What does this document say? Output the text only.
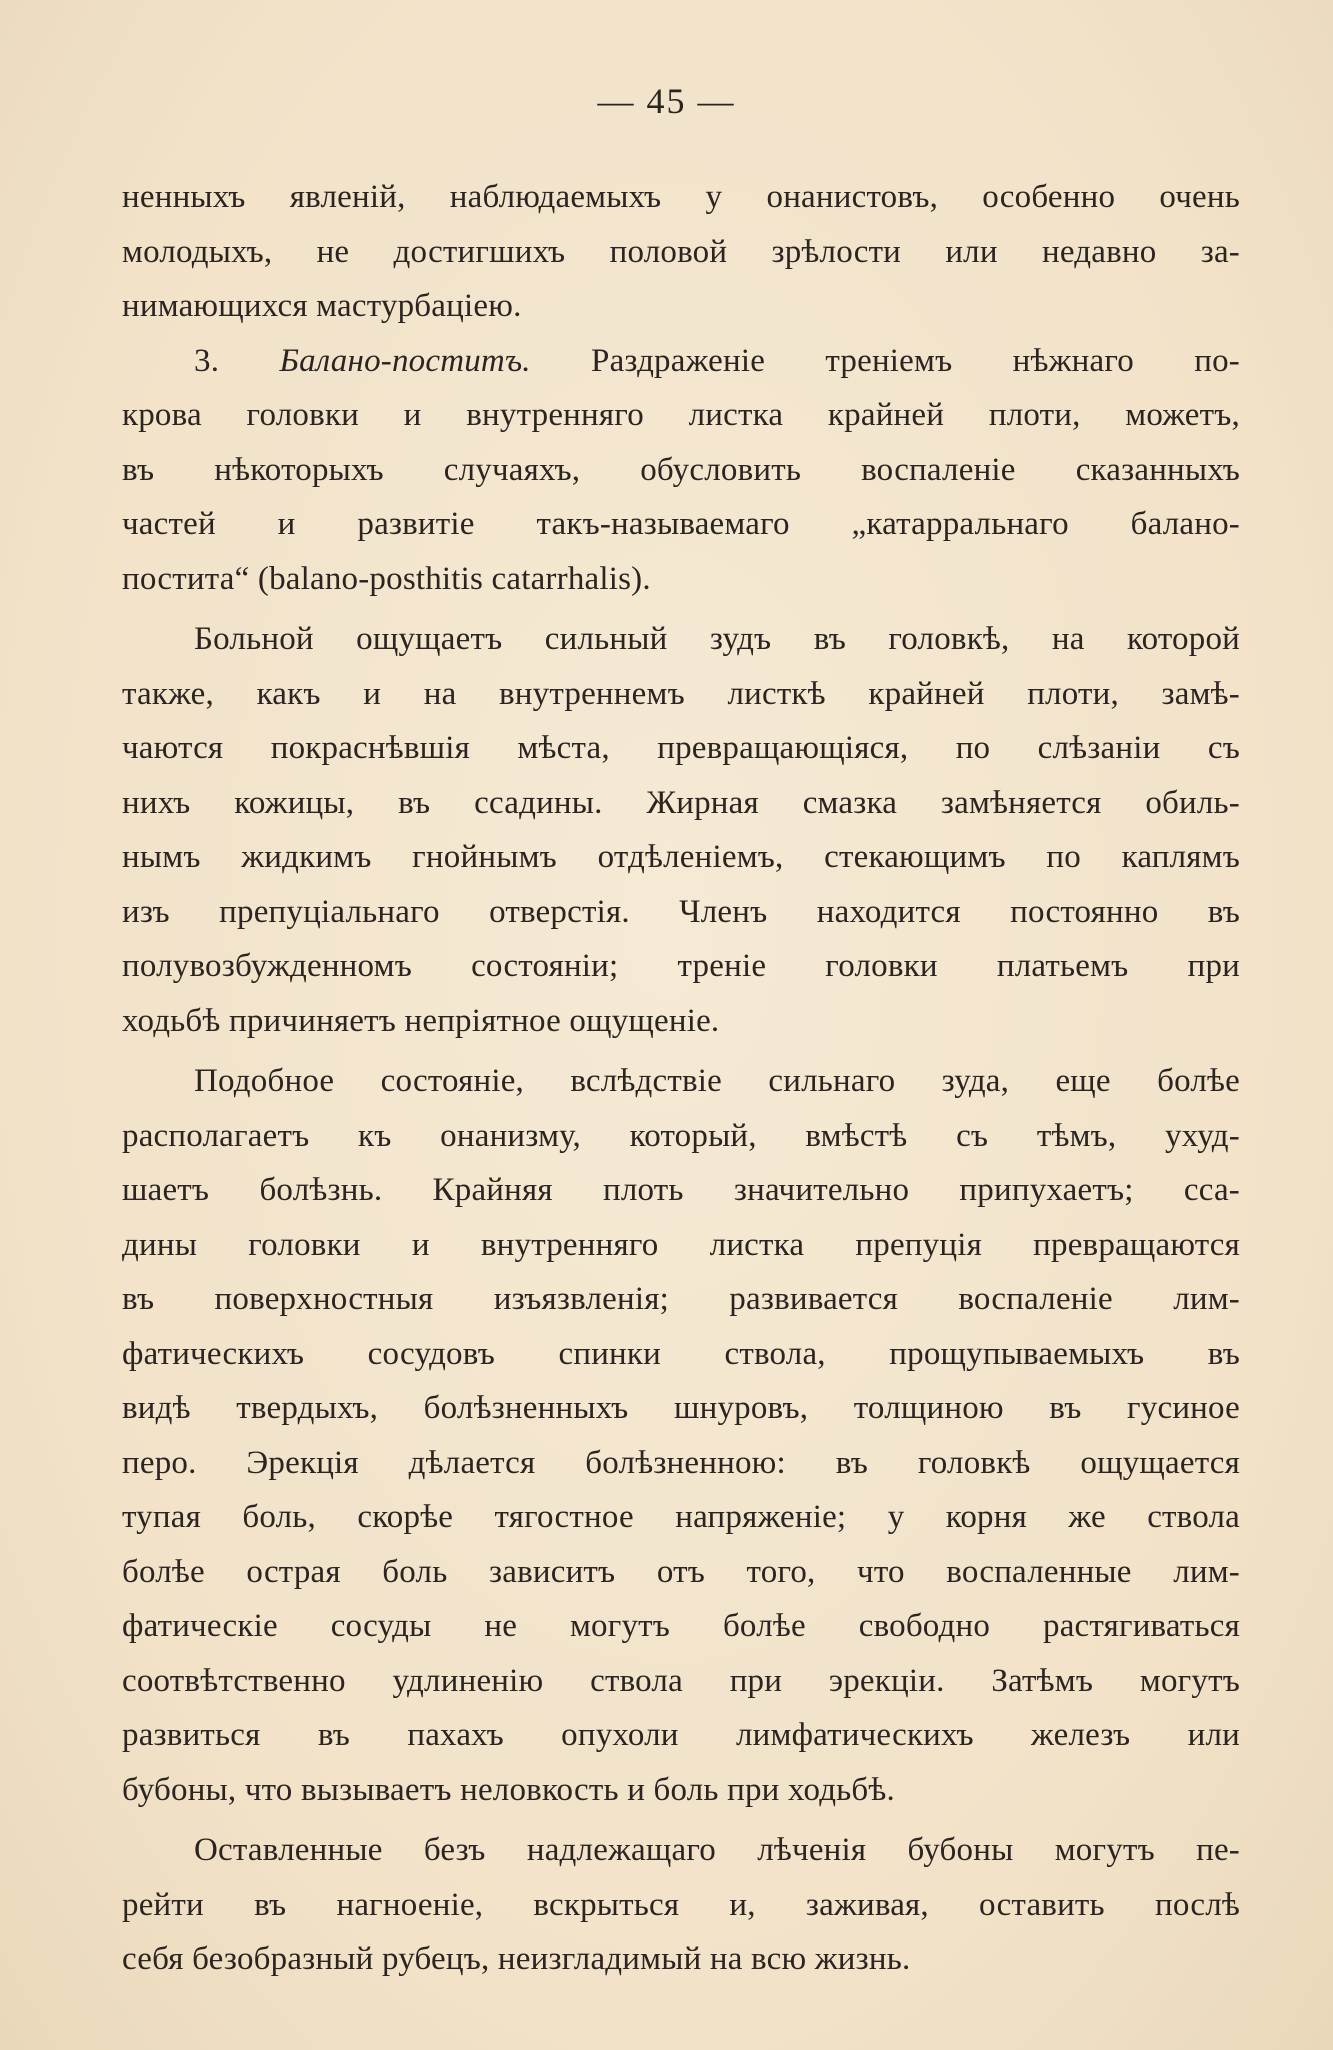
— 45 —
ненныхъ явленій, наблюдаемыхъ у онанистовъ, особенно очень
молодыхъ, не достигшихъ половой зрѣлости или недавно за-
нимающихся мастурбаціею.
3. Балано-поститъ. Раздраженіе треніемъ нѣжнаго по-
крова головки и внутренняго листка крайней плоти, можетъ,
въ нѣкоторыхъ случаяхъ, обусловить воспаленіе сказанныхъ
частей и развитіе такъ-называемаго „катарральнаго балано-
постита“ (balano-posthitis catarrhalis).
Больной ощущаетъ сильный зудъ въ головкѣ, на которой
также, какъ и на внутреннемъ листкѣ крайней плоти, замѣ-
чаются покраснѣвшія мѣста, превращающіяся, по слѣзаніи съ
нихъ кожицы, въ ссадины. Жирная смазка замѣняется обиль-
нымъ жидкимъ гнойнымъ отдѣленіемъ, стекающимъ по каплямъ
изъ препуціальнаго отверстія. Членъ находится постоянно въ
полувозбужденномъ состояніи; треніе головки платьемъ при
ходьбѣ причиняетъ непріятное ощущеніе.
Подобное состояніе, вслѣдствіе сильнаго зуда, еще болѣе
располагаетъ къ онанизму, который, вмѣстѣ съ тѣмъ, ухуд-
шаетъ болѣзнь. Крайняя плоть значительно припухаетъ; сса-
дины головки и внутренняго листка препуція превращаются
въ поверхностныя изъязвленія; развивается воспаленіе лим-
фатическихъ сосудовъ спинки ствола, прощупываемыхъ въ
видѣ твердыхъ, болѣзненныхъ шнуровъ, толщиною въ гусиное
перо. Эрекція дѣлается болѣзненною: въ головкѣ ощущается
тупая боль, скорѣе тягостное напряженіе; у корня же ствола
болѣе острая боль зависитъ отъ того, что воспаленные лим-
фатическіе сосуды не могутъ болѣе свободно растягиваться
соотвѣтственно удлиненію ствола при эрекціи. Затѣмъ могутъ
развиться въ пахахъ опухоли лимфатическихъ железъ или
бубоны, что вызываетъ неловкость и боль при ходьбѣ.
Оставленные безъ надлежащаго лѣченія бубоны могутъ пе-
рейти въ нагноеніе, вскрыться и, заживая, оставить послѣ
себя безобразный рубецъ, неизгладимый на всю жизнь.
